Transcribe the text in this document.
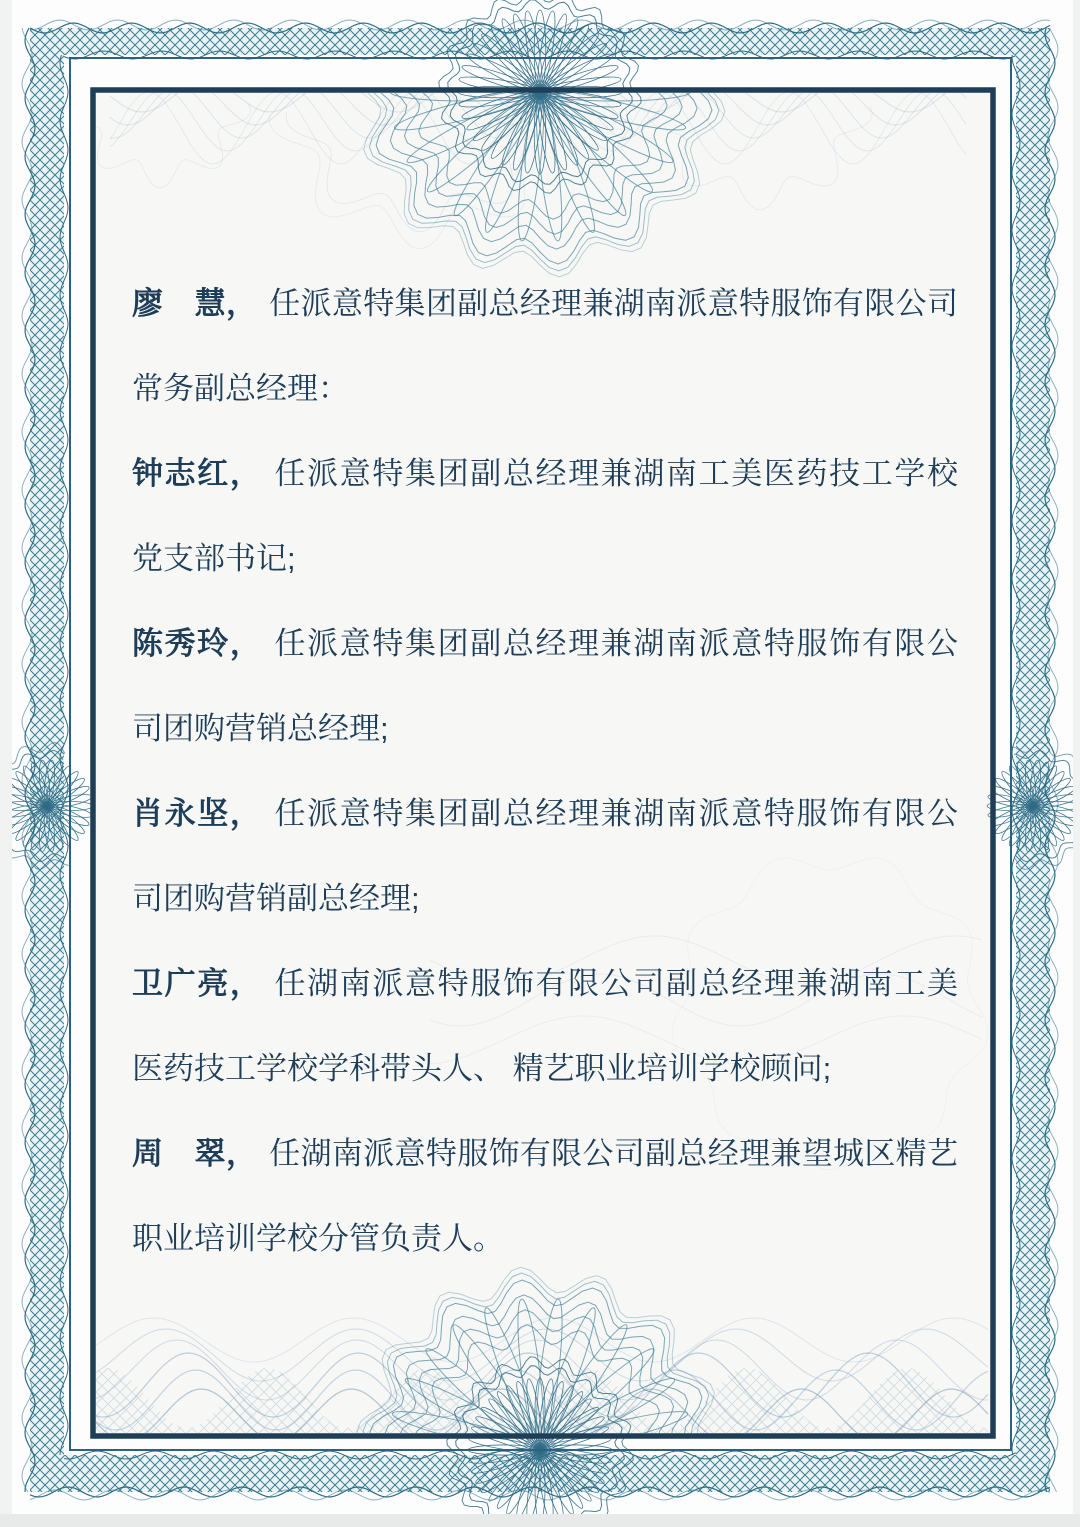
廖　慧， 任派意特集团副总经理兼湖南派意特服饰有限公司
常务副总经理：
钟志红， 任派意特集团副总经理兼湖南工美医药技工学校
党支部书记;
陈秀玲， 任派意特集团副总经理兼湖南派意特服饰有限公
司团购营销总经理;
肖永坚， 任派意特集团副总经理兼湖南派意特服饰有限公
司团购营销副总经理;
卫广亮， 任湖南派意特服饰有限公司副总经理兼湖南工美
医药技工学校学科带头人、 精艺职业培训学校顾问;
周　翠， 任湖南派意特服饰有限公司副总经理兼望城区精艺
职业培训学校分管负责人。
